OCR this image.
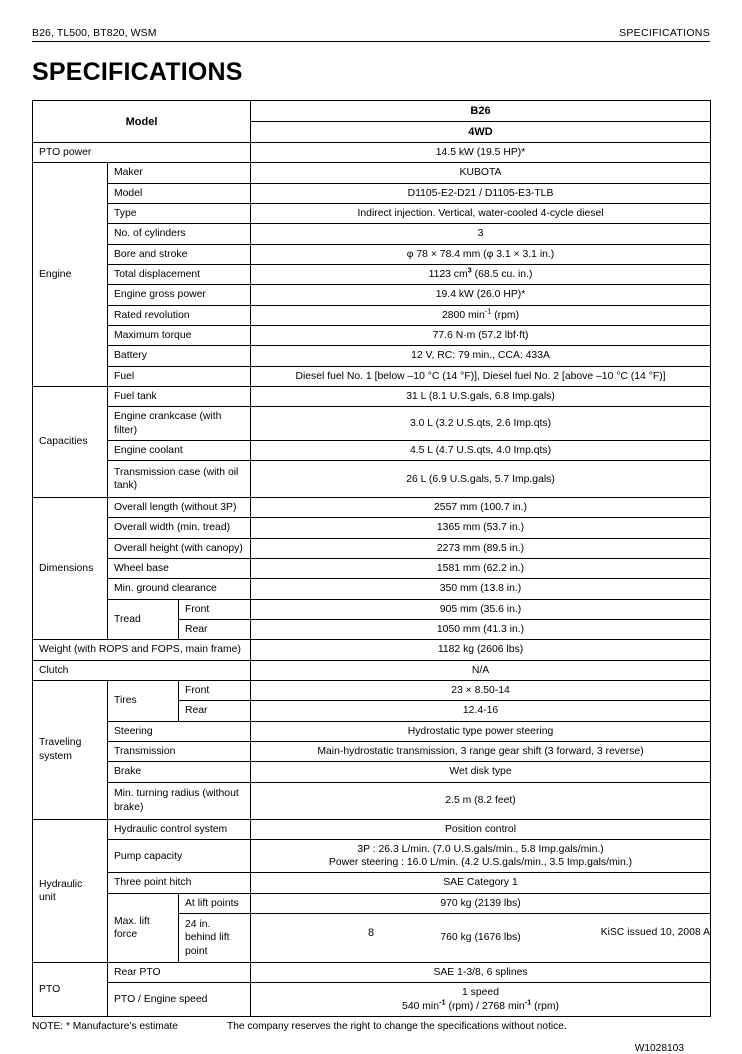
B26, TL500, BT820, WSM	SPECIFICATIONS
SPECIFICATIONS
Model			B26
			4WD
PTO power			14.5 kW (19.5 HP)*
Engine	Maker		KUBOTA
	Model		D1105-E2-D21 / D1105-E3-TLB
	Type		Indirect injection. Vertical, water-cooled 4-cycle diesel
	No. of cylinders		3
	Bore and stroke		φ 78 × 78.4 mm (φ 3.1 × 3.1 in.)
	Total displacement		1123 $cm^3$ (68.5 cu. in.)
	Engine gross power		19.4 kW (26.0 HP)*
	Rated revolution		2800 $\min^{-1} (rpm)$
	Maximum torque		77.6 N·m (57.2 lbf·ft)
	Battery		12 V, RC: 79 min., CCA: 433A
	Fuel		Diesel fuel No. 1 [below –10 °C (14 °F)], Diesel fuel No. 2 [above –10 °C (14 °F)]
Capacities	Fuel tank		31 L (8.1 U.S.gals, 6.8 Imp.gals)
	Engine crankcase (with filter)		3.0 L (3.2 U.S.qts, 2.6 Imp.qts)
	Engine coolant		4.5 L (4.7 U.S.qts, 4.0 Imp.qts)
	Transmission case (with oil tank)		26 L (6.9 U.S.gals, 5.7 Imp.gals)
Dimensions	Overall length (without 3P)		2557 mm (100.7 in.)
	Overall width (min. tread)		1365 mm (53.7 in.)
	Overall height (with canopy)		2273 mm (89.5 in.)
	Wheel base		1581 mm (62.2 in.)
	Min. ground clearance		350 mm (13.8 in.)
	Tread	Front	905 mm (35.6 in.)
		Rear	1050 mm (41.3 in.)
Weight (with ROPS and FOPS, main frame)			1182 kg (2606 lbs)
Clutch			N/A
Traveling system	Tires	Front	23 × 8.50-14
		Rear	12.4-16
	Steering		Hydrostatic type power steering
	Transmission		Main-hydrostatic transmission, 3 range gear shift (3 forward, 3 reverse)
	Brake		Wet disk type
	Min. turning radius (without brake)		2.5 m (8.2 feet)
Hydraulic unit	Hydraulic control system		Position control
	Pump capacity		3P : 26.3 L/min. (7.0 U.S.gals/min., 5.8 Imp.gals/min.)
Power steering : 16.0 L/min. (4.2 U.S.gals/min., 3.5 Imp.gals/min.)

	Three point hitch		SAE Category 1
	Max. lift force	At lift points	970 kg (2139 lbs)
		24 in. behind lift point	760 kg (1676 lbs)
PTO	Rear PTO		SAE 1-3/8, 6 splines
	PTO / Engine speed		1 speed
540 $\min^{-1} (rpm) / 2768$ $\min^{-1} (rpm)$
NOTE: * Manufacture’s estimate	The company reserves the right to change the specifications without notice.
W1028103
8	KiSC issued 10, 2008 A
